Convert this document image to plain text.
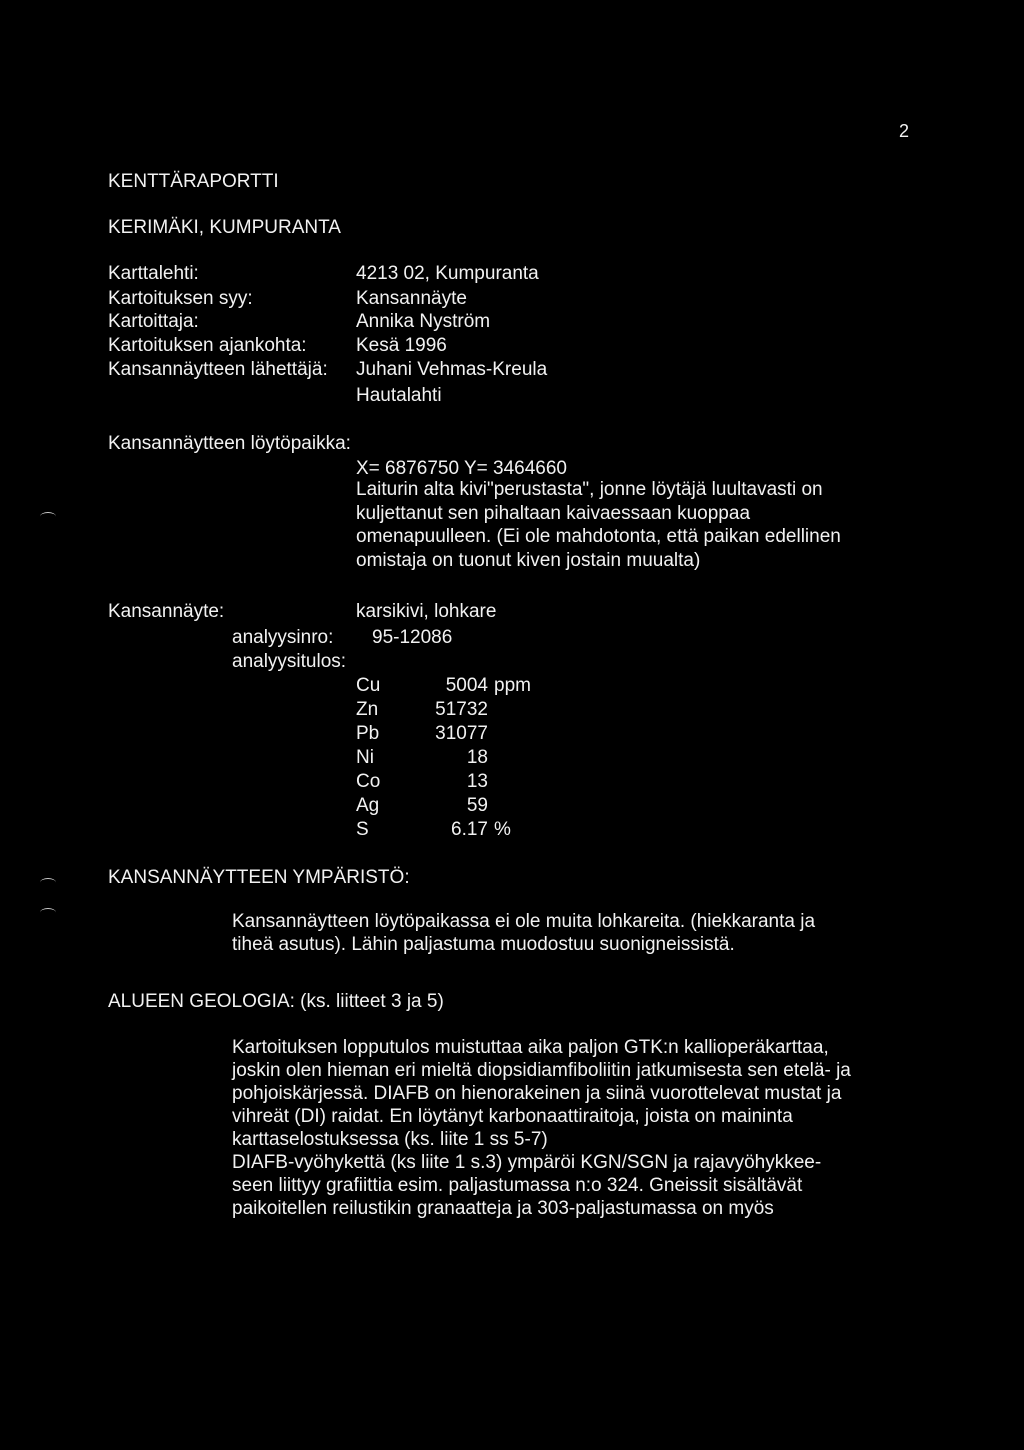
2
KENTTÄRAPORTTI
KERIMÄKI, KUMPURANTA
Karttalehti:	4213 02, Kumpuranta
Kartoituksen syy:	Kansannäyte
Kartoittaja:	Annika Nyström
Kartoituksen ajankohta:	Kesä 1996
Kansannäytteen lähettäjä: Juhani Vehmas-Kreula
Hautalahti
Kansannäytteen löytöpaikka:
X= 6876750 Y= 3464660
Laiturin alta kivi"perustasta", jonne löytäjä luultavasti on
kuljettanut sen pihaltaan kaivaessaan kuoppaa
omenapuulleen. (Ei ole mahdotonta, että paikan edellinen
omistaja on tuonut kiven jostain muualta)
Kansannäyte:	karsikivi, lohkare
analyysinro: 95-12086
analyysitulos:
Cu	5004 ppm
Zn	51732
Pb	31077
Ni	18
Co	13
Ag	59
S	6.17 %
KANSANNÄYTTEEN YMPÄRISTÖ:
Kansannäytteen löytöpaikassa ei ole muita lohkareita. (hiekkaranta ja
tiheä asutus). Lähin paljastuma muodostuu suonigneissistä.
ALUEEN GEOLOGIA: (ks. liitteet 3 ja 5)
Kartoituksen lopputulos muistuttaa aika paljon GTK:n kallioperäkarttaa,
joskin olen hieman eri mieltä diopsidiamfiboliitin jatkumisesta sen etelä- ja
pohjoiskärjessä. DIAFB on hienorakeinen ja siinä vuorottelevat mustat ja
vihreät (DI) raidat. En löytänyt karbonaattiraitoja, joista on maininta
karttaselostuksessa (ks. liite 1 ss 5-7)
DIAFB-vyöhykettä (ks liite 1 s.3) ympäröi KGN/SGN ja rajavyöhykkee-
seen liittyy grafiittia esim. paljastumassa n:o 324. Gneissit sisältävät
paikoitellen reilustikin granaatteja ja 303-paljastumassa on myös
